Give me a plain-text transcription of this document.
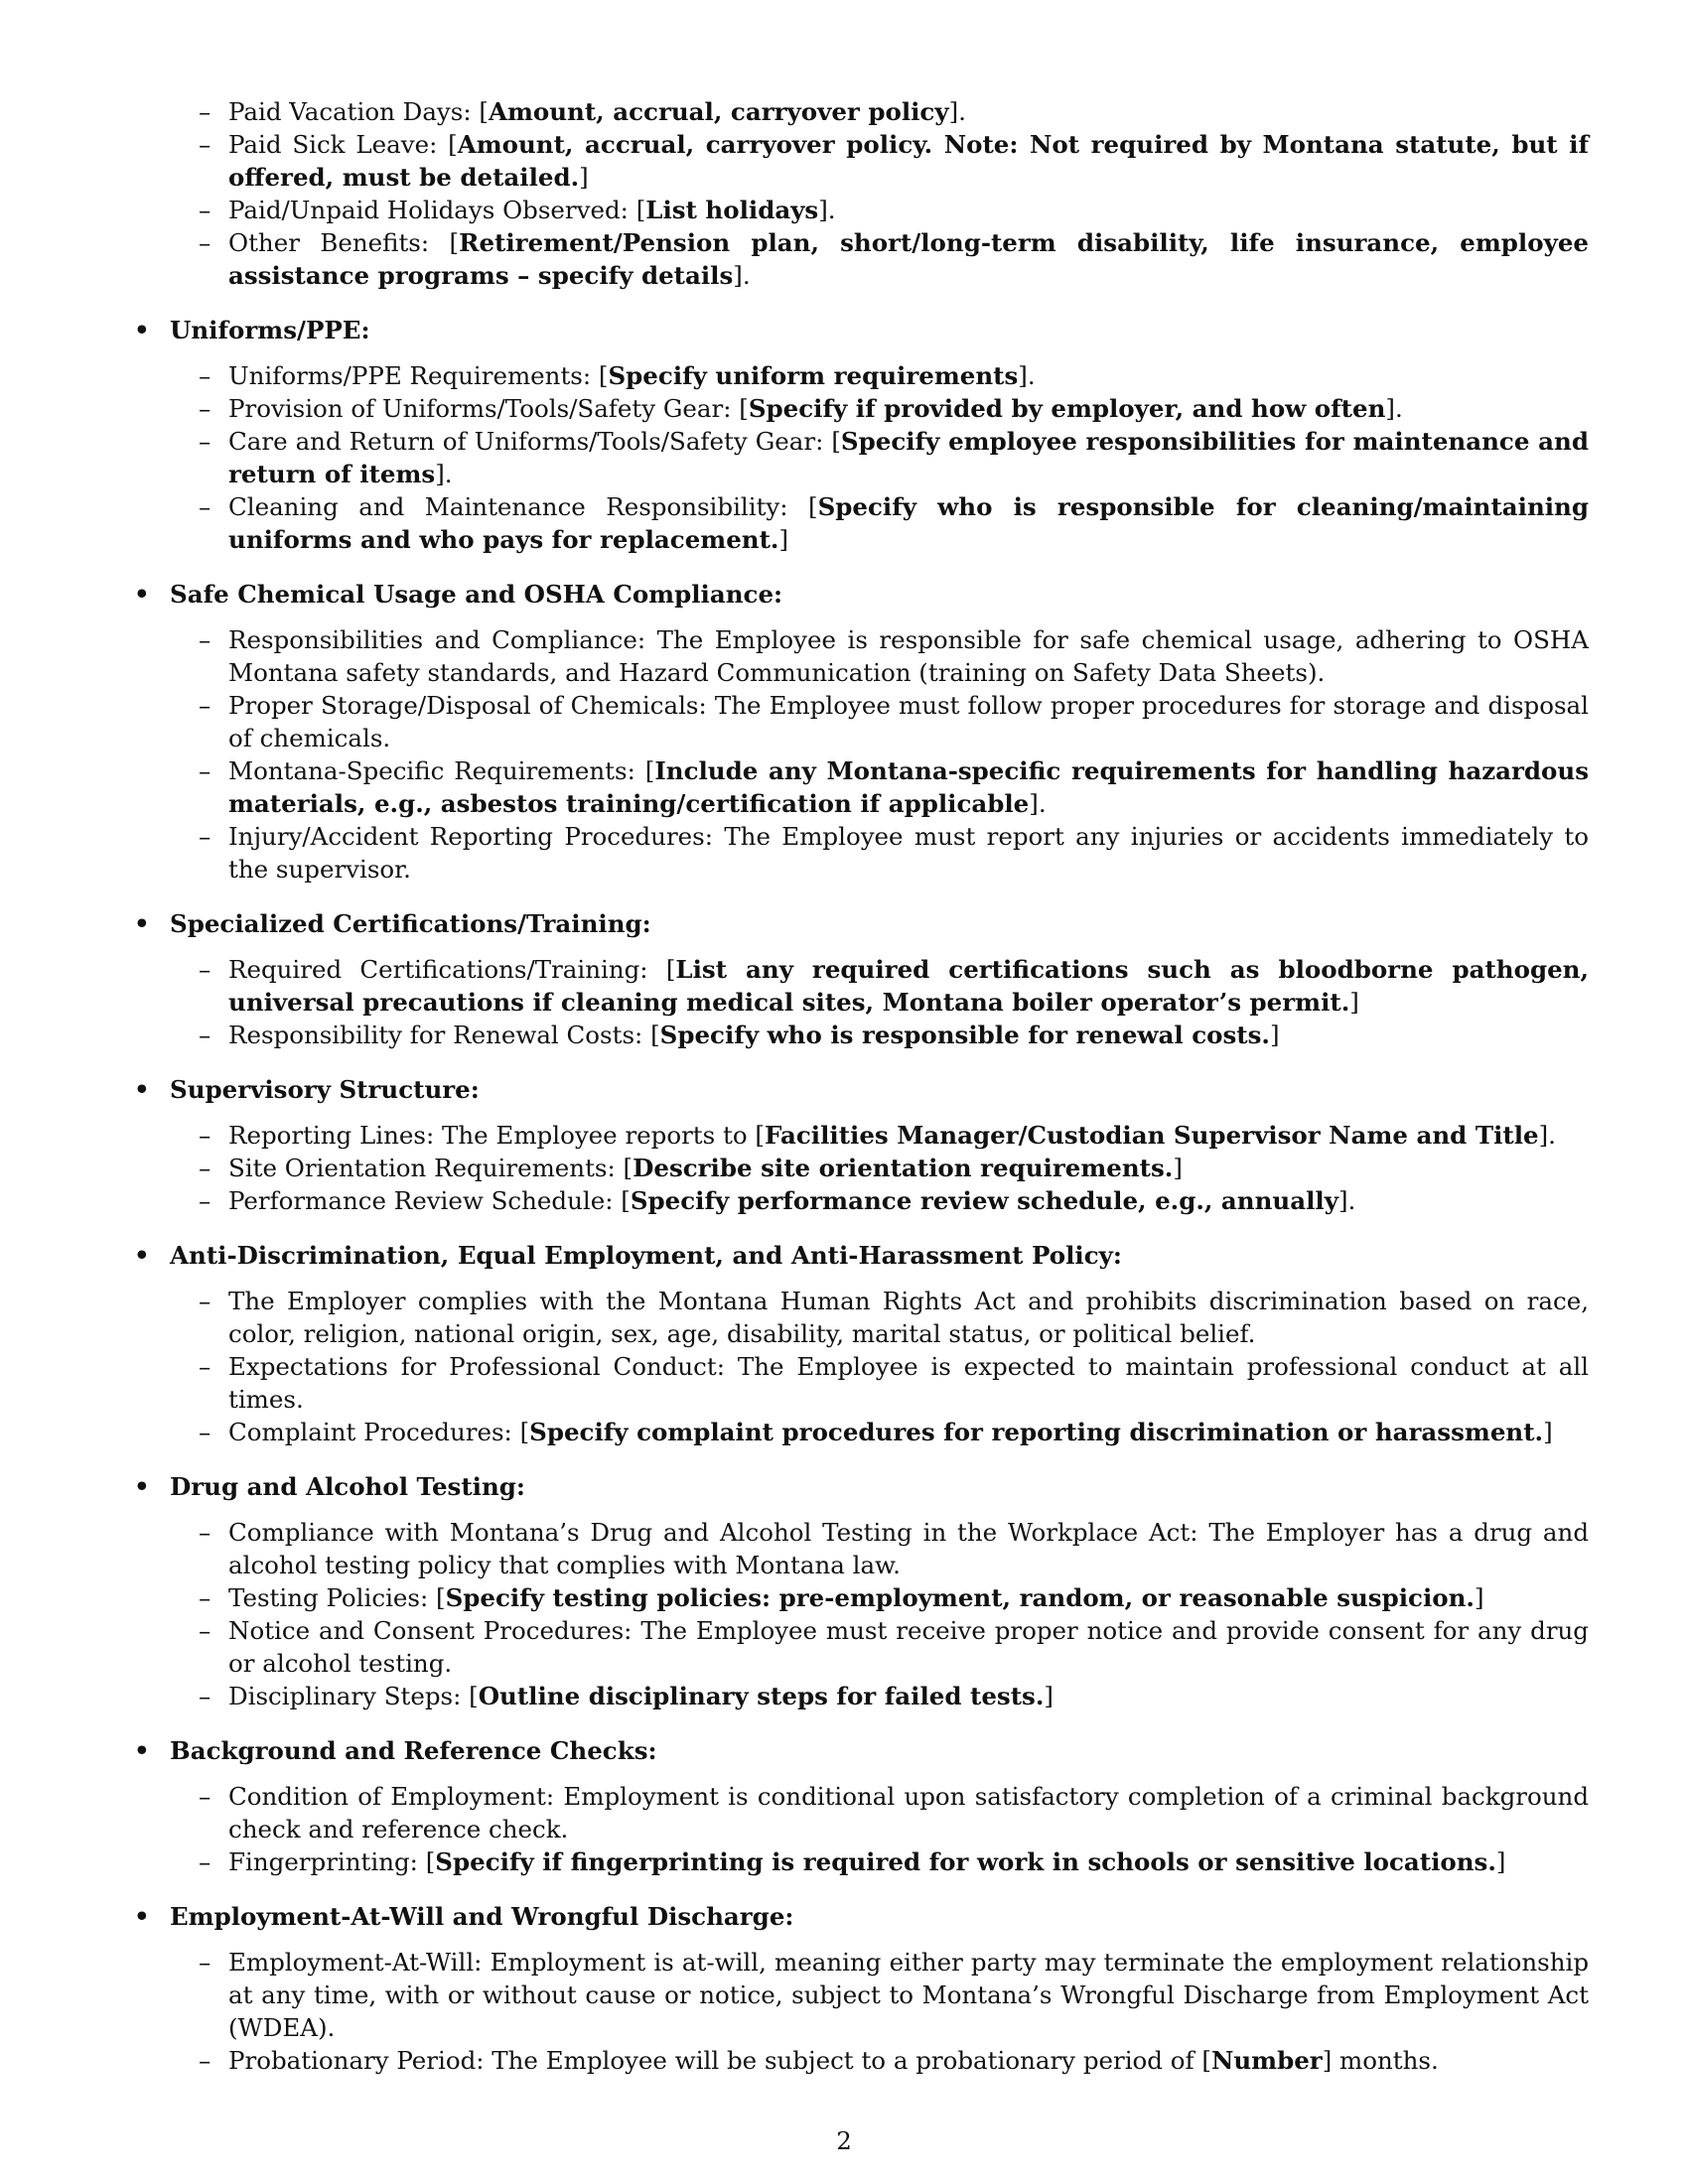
– Paid Vacation Days: [Amount, accrual, carryover policy].
– Paid Sick Leave: [Amount, accrual, carryover policy. Note: Not required by Montana statute, but if offered, must be detailed.]
– Paid/Unpaid Holidays Observed: [List holidays].
– Other Benefits: [Retirement/Pension plan, short/long-term disability, life insurance, employee assistance programs – specify details].
• Uniforms/PPE:
– Uniforms/PPE Requirements: [Specify uniform requirements].
– Provision of Uniforms/Tools/Safety Gear: [Specify if provided by employer, and how often].
– Care and Return of Uniforms/Tools/Safety Gear: [Specify employee responsibilities for maintenance and return of items].
– Cleaning and Maintenance Responsibility: [Specify who is responsible for cleaning/maintaining uniforms and who pays for replacement.]
• Safe Chemical Usage and OSHA Compliance:
– Responsibilities and Compliance: The Employee is responsible for safe chemical usage, adhering to OSHA Montana safety standards, and Hazard Communication (training on Safety Data Sheets).
– Proper Storage/Disposal of Chemicals: The Employee must follow proper procedures for storage and disposal of chemicals.
– Montana-Specific Requirements: [Include any Montana-specific requirements for handling hazardous materials, e.g., asbestos training/certification if applicable].
– Injury/Accident Reporting Procedures: The Employee must report any injuries or accidents immediately to the supervisor.
• Specialized Certifications/Training:
– Required Certifications/Training: [List any required certifications such as bloodborne pathogen, universal precautions if cleaning medical sites, Montana boiler operator’s permit.]
– Responsibility for Renewal Costs: [Specify who is responsible for renewal costs.]
• Supervisory Structure:
– Reporting Lines: The Employee reports to [Facilities Manager/Custodian Supervisor Name and Title].
– Site Orientation Requirements: [Describe site orientation requirements.]
– Performance Review Schedule: [Specify performance review schedule, e.g., annually].
• Anti-Discrimination, Equal Employment, and Anti-Harassment Policy:
– The Employer complies with the Montana Human Rights Act and prohibits discrimination based on race, color, religion, national origin, sex, age, disability, marital status, or political belief.
– Expectations for Professional Conduct: The Employee is expected to maintain professional conduct at all times.
– Complaint Procedures: [Specify complaint procedures for reporting discrimination or harassment.]
• Drug and Alcohol Testing:
– Compliance with Montana’s Drug and Alcohol Testing in the Workplace Act: The Employer has a drug and alcohol testing policy that complies with Montana law.
– Testing Policies: [Specify testing policies: pre-employment, random, or reasonable suspicion.]
– Notice and Consent Procedures: The Employee must receive proper notice and provide consent for any drug or alcohol testing.
– Disciplinary Steps: [Outline disciplinary steps for failed tests.]
• Background and Reference Checks:
– Condition of Employment: Employment is conditional upon satisfactory completion of a criminal background check and reference check.
– Fingerprinting: [Specify if fingerprinting is required for work in schools or sensitive locations.]
• Employment-At-Will and Wrongful Discharge:
– Employment-At-Will: Employment is at-will, meaning either party may terminate the employment relationship at any time, with or without cause or notice, subject to Montana’s Wrongful Discharge from Employment Act (WDEA).
– Probationary Period: The Employee will be subject to a probationary period of [Number] months.
2
